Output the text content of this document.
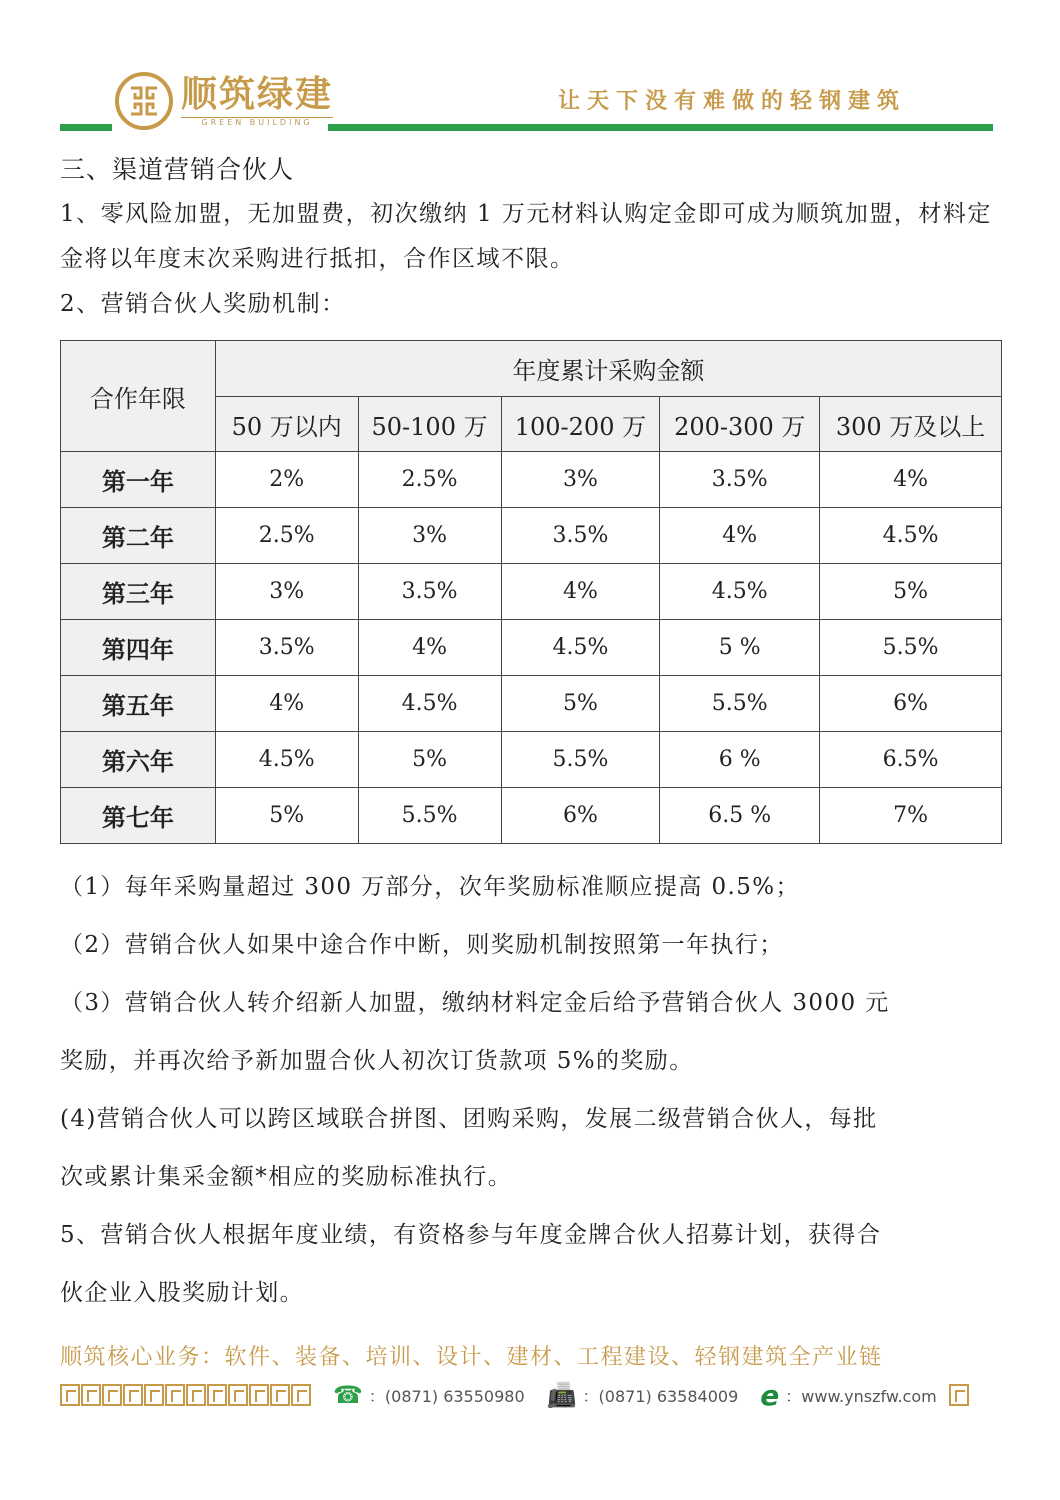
顺筑绿建
GREEN BUILDING
让天下没有难做的轻钢建筑

三、渠道营销合伙人

1、零风险加盟，无加盟费，初次缴纳 1 万元材料认购定金即可成为顺筑加盟，材料定金将以年度末次采购进行抵扣，合作区域不限。

2、营销合伙人奖励机制：

合作年限	年度累计采购金额				
	50 万以内	50-100 万	100-200 万	200-300 万	300 万及以上
第一年	2%	2.5%	3%	3.5%	4%
第二年	2.5%	3%	3.5%	4%	4.5%
第三年	3%	3.5%	4%	4.5%	5%
第四年	3.5%	4%	4.5%	5 %	5.5%
第五年	4%	4.5%	5%	5.5%	6%
第六年	4.5%	5%	5.5%	6 %	6.5%
第七年	5%	5.5%	6%	6.5 %	7%

（1）每年采购量超过 300 万部分，次年奖励标准顺应提高 0.5%；

（2）营销合伙人如果中途合作中断，则奖励机制按照第一年执行；

（3）营销合伙人转介绍新人加盟，缴纳材料定金后给予营销合伙人 3000 元

奖励，并再次给予新加盟合伙人初次订货款项 5%的奖励。

(4)营销合伙人可以跨区域联合拼图、团购采购，发展二级营销合伙人，每批

次或累计集采金额*相应的奖励标准执行。

5、营销合伙人根据年度业绩，有资格参与年度金牌合伙人招募计划，获得合

伙企业入股奖励计划。

顺筑核心业务：软件、装备、培训、设计、建材、工程建设、轻钢建筑全产业链
☎ ：(0871) 63550980 📠 ：(0871) 63584009 e ：www.ynszfw.com
